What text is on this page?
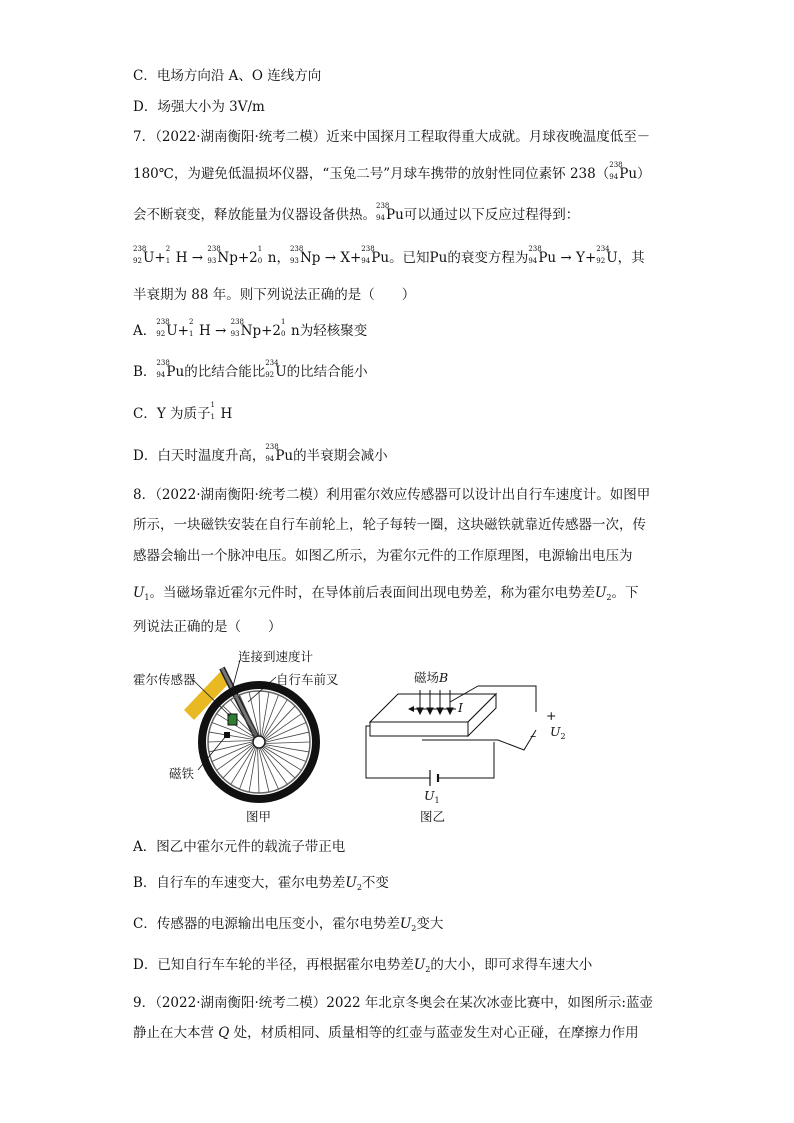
C．电场方向沿 A、O 连线方向
D．场强大小为 3V/m
7．（2022·湖南衡阳·统考二模）近来中国探月工程取得重大成就。月球夜晚温度低至－
180℃，为避免低温损坏仪器，“玉兔二号”月球车携带的放射性同位素钚 238（
238
94 Pu）
会不断衰变，释放能量为仪器设备供热。
238
94 Pu可以通过以下反应过程得到：
238
92 U+
2
1 H →
238
93 Np+2
1
0 n，
238
93 Np → X+
238
94 Pu。已知Pu的衰变方程为
238
94 Pu → Y+
234
92 U，其
半衰期为 88 年。则下列说法正确的是（　　）
A．
238
92 U+
2
1 H →
238
93 Np+2
1
0 n为轻核聚变
B．
238
94 Pu的比结合能比
234
92 U的比结合能小
C．Y 为质子
1
1 H
D．白天时温度升高，
238
94 Pu的半衰期会减小
8．（2022·湖南衡阳·统考二模）利用霍尔效应传感器可以设计出自行车速度计。如图甲
所示，一块磁铁安装在自行车前轮上，轮子每转一圈，这块磁铁就靠近传感器一次，传
感器会输出一个脉冲电压。如图乙所示，为霍尔元件的工作原理图，电源输出电压为
$U_1$。当磁场靠近霍尔元件时，在导体前后表面间出现电势差，称为霍尔电势差$U_2$。下
列说法正确的是（　　）
连接到速度计
霍尔传感器	自行车前叉
磁铁
图甲
磁场B
I
+
– $U_2$
$U_1$
图乙
A．图乙中霍尔元件的载流子带正电
B．自行车的车速变大，霍尔电势差$U_2$不变
C．传感器的电源输出电压变小，霍尔电势差$U_2$变大
D．已知自行车车轮的半径，再根据霍尔电势差$U_2$的大小，即可求得车速大小
9．（2022·湖南衡阳·统考二模）2022 年北京冬奥会在某次冰壶比赛中，如图所示:蓝壶
静止在大本营 Q 处，材质相同、质量相等的红壶与蓝壶发生对心正碰，在摩擦力作用
